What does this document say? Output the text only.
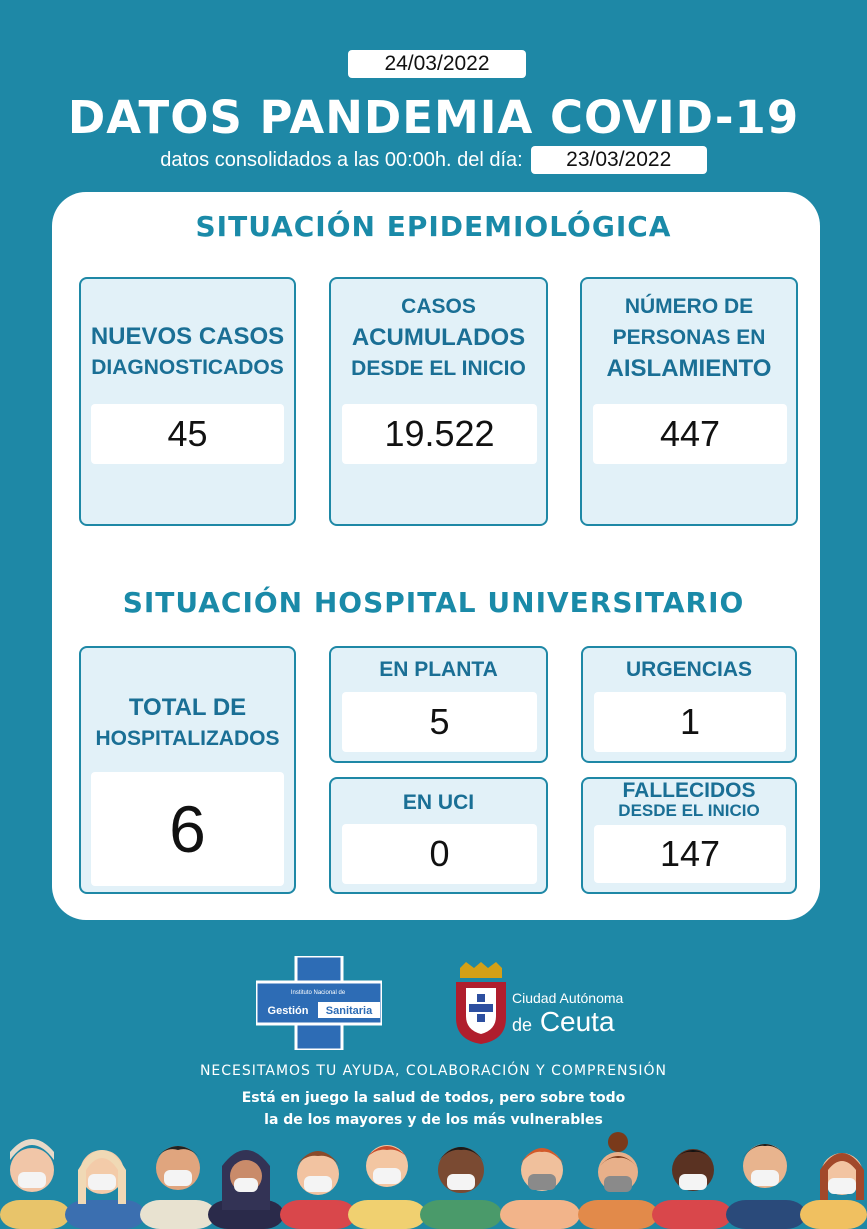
24/03/2022
DATOS PANDEMIA COVID-19
datos consolidados a las 00:00h. del día:	23/03/2022
SITUACIÓN EPIDEMIOLÓGICA
NUEVOS CASOS
DIAGNOSTICADOS
45
CASOS
ACUMULADOS
DESDE EL INICIO
19.522
NÚMERO DE
PERSONAS EN
AISLAMIENTO
447
SITUACIÓN HOSPITAL UNIVERSITARIO
TOTAL DE
HOSPITALIZADOS
6
EN PLANTA
5
URGENCIAS
1
EN UCI
0
FALLECIDOS
DESDE EL INICIO
147
Instituto Nacional de
Gestión Sanitaria
Ciudad Autónoma
de Ceuta
NECESITAMOS TU AYUDA, COLABORACIÓN Y COMPRENSIÓN
Está en juego la salud de todos, pero sobre todo
la de los mayores y de los más vulnerables
